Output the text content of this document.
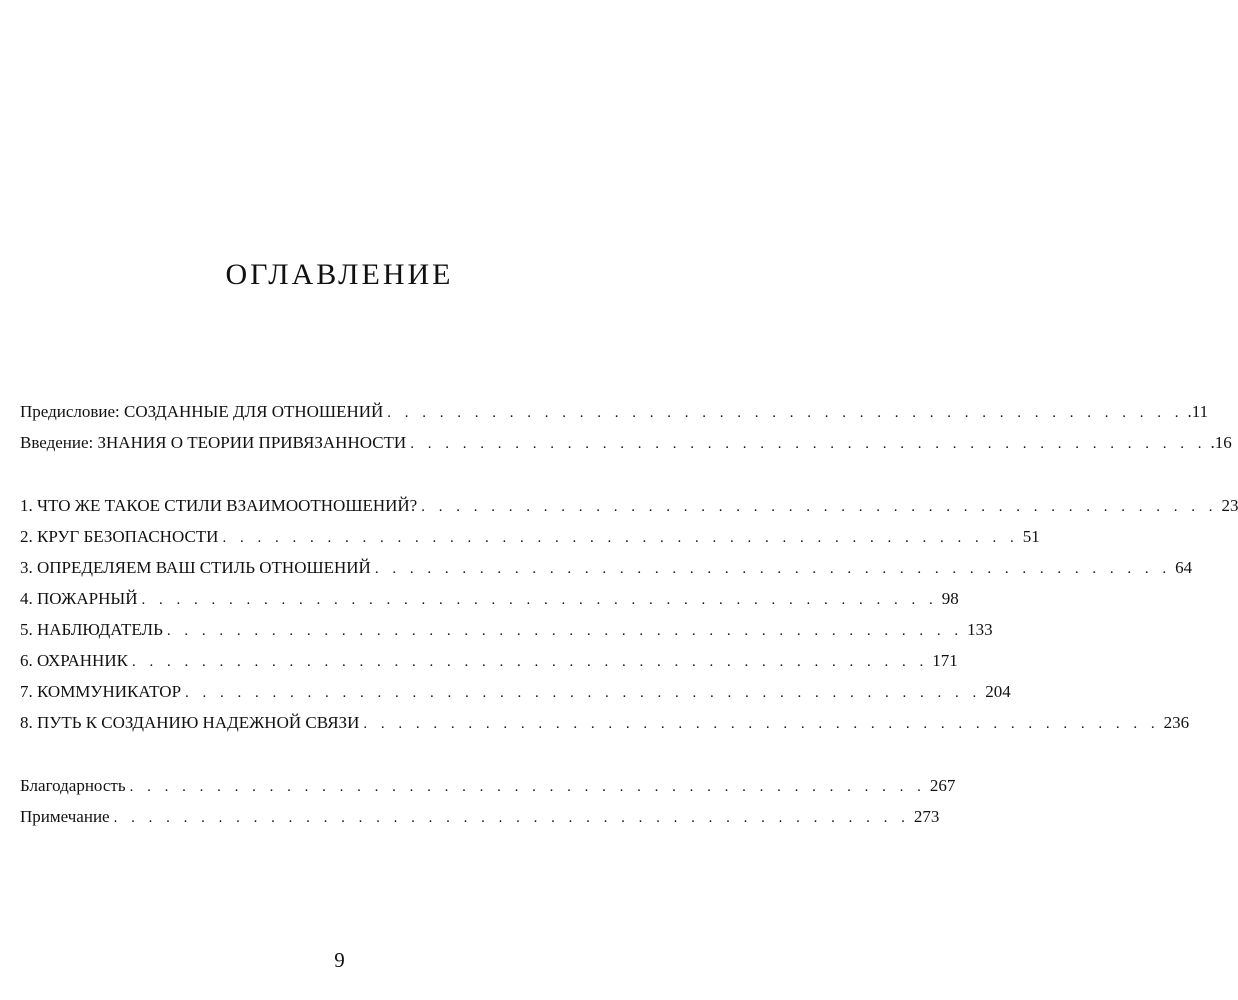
ОГЛАВЛЕНИЕ
Предисловие: СОЗДАННЫЕ ДЛЯ ОТНОШЕНИЙ . . . . . . . . . . . . . . . . . . . . . . . . . . . . . . . . . . . . . . . . . . . . . . .11
Введение: ЗНАНИЯ О ТЕОРИИ ПРИВЯЗАННОСТИ . . . . . . . . . . . . . . . . . . . . . . . . . . . . . . . . . . . . . . . . . . . . . . .16
1. ЧТО ЖЕ ТАКОЕ СТИЛИ ВЗАИМООТНОШЕНИЙ? . . . . . . . . . . . . . . . . . . . . . . . . . . . . . . . . . . . . . . . . . . . . . . 23
2. КРУГ БЕЗОПАСНОСТИ . . . . . . . . . . . . . . . . . . . . . . . . . . . . . . . . . . . . . . . . . . . . . . 51
3. ОПРЕДЕЛЯЕМ ВАШ СТИЛЬ ОТНОШЕНИЙ . . . . . . . . . . . . . . . . . . . . . . . . . . . . . . . . . . . . . . . . . . . . . . 64
4. ПОЖАРНЫЙ . . . . . . . . . . . . . . . . . . . . . . . . . . . . . . . . . . . . . . . . . . . . . . 98
5. НАБЛЮДАТЕЛЬ . . . . . . . . . . . . . . . . . . . . . . . . . . . . . . . . . . . . . . . . . . . . . . 133
6. ОХРАННИК . . . . . . . . . . . . . . . . . . . . . . . . . . . . . . . . . . . . . . . . . . . . . . 171
7. КОММУНИКАТОР . . . . . . . . . . . . . . . . . . . . . . . . . . . . . . . . . . . . . . . . . . . . . . 204
8. ПУТЬ К СОЗДАНИЮ НАДЕЖНОЙ СВЯЗИ . . . . . . . . . . . . . . . . . . . . . . . . . . . . . . . . . . . . . . . . . . . . . . 236
Благодарность . . . . . . . . . . . . . . . . . . . . . . . . . . . . . . . . . . . . . . . . . . . . . . 267
Примечание . . . . . . . . . . . . . . . . . . . . . . . . . . . . . . . . . . . . . . . . . . . . . . 273
9
